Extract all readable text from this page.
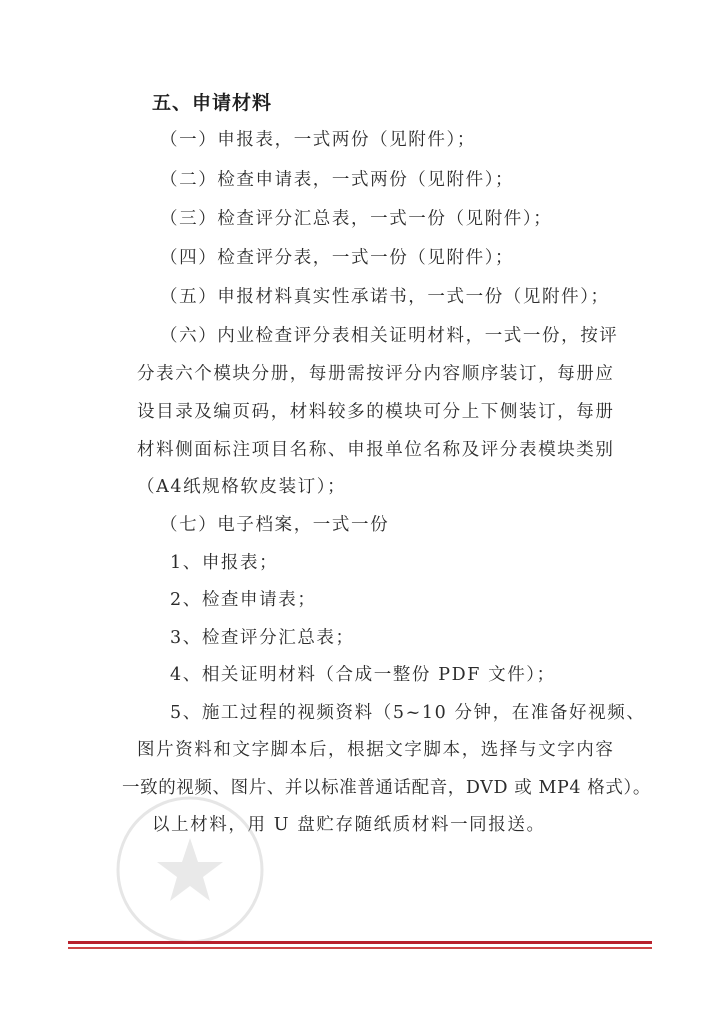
五、申请材料
（一）申报表，一式两份（见附件）；
（二）检查申请表，一式两份（见附件）；
（三）检查评分汇总表，一式一份（见附件）；
（四）检查评分表，一式一份（见附件）；
（五）申报材料真实性承诺书，一式一份（见附件）；
（六）内业检查评分表相关证明材料，一式一份，按评
分表六个模块分册，每册需按评分内容顺序装订，每册应
设目录及编页码，材料较多的模块可分上下侧装订，每册
材料侧面标注项目名称、申报单位名称及评分表模块类别
（A4纸规格软皮装订）；
（七）电子档案，一式一份
1、申报表；
2、检查申请表；
3、检查评分汇总表；
4、相关证明材料（合成一整份 PDF 文件）；
5、施工过程的视频资料（5~10 分钟，在准备好视频、
图片资料和文字脚本后，根据文字脚本，选择与文字内容
一致的视频、图片、并以标准普通话配音，DVD 或 MP4 格式）。
以上材料，用 U 盘贮存随纸质材料一同报送。
